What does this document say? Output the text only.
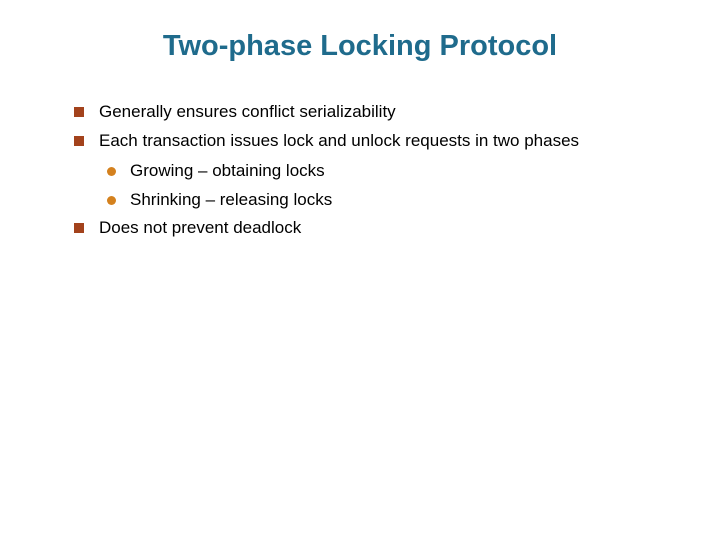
Two-phase Locking Protocol
Generally ensures conflict serializability
Each transaction issues lock and unlock requests in two phases
Growing – obtaining locks
Shrinking – releasing locks
Does not prevent deadlock
